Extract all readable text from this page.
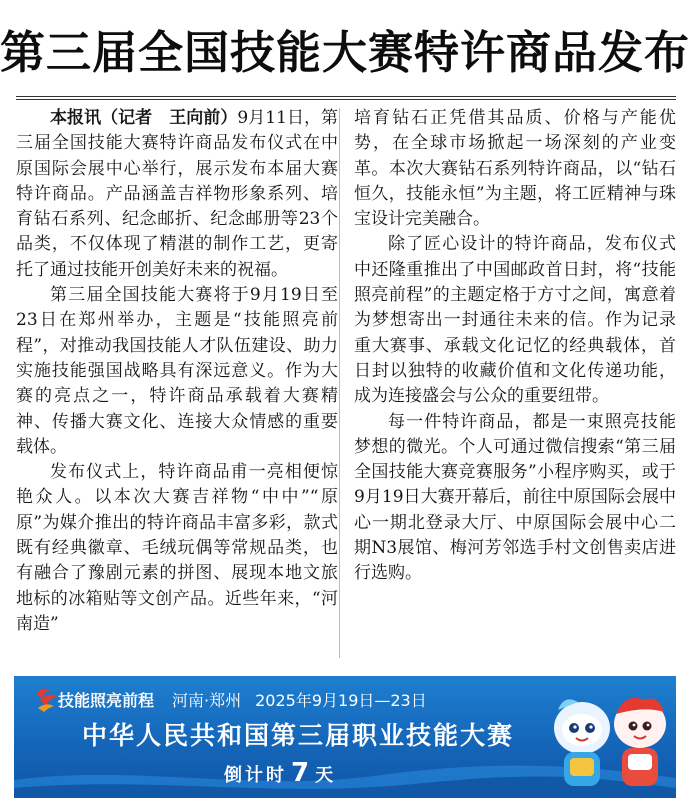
第三届全国技能大赛特许商品发布

本报讯（记者　王向前）9月11日，第三届全国技能大赛特许商品发布仪式在中原国际会展中心举行，展示发布本届大赛特许商品。产品涵盖吉祥物形象系列、培育钻石系列、纪念邮折、纪念邮册等23个品类，不仅体现了精湛的制作工艺，更寄托了通过技能开创美好未来的祝福。

第三届全国技能大赛将于9月19日至23日在郑州举办，主题是“技能照亮前程”，对推动我国技能人才队伍建设、助力实施技能强国战略具有深远意义。作为大赛的亮点之一，特许商品承载着大赛精神、传播大赛文化、连接大众情感的重要载体。

发布仪式上，特许商品甫一亮相便惊艳众人。以本次大赛吉祥物“中中”“原原”为媒介推出的特许商品丰富多彩，款式既有经典徽章、毛绒玩偶等常规品类，也有融合了豫剧元素的拼图、展现本地文旅地标的冰箱贴等文创产品。近些年来，“河南造”

培育钻石正凭借其品质、价格与产能优势，在全球市场掀起一场深刻的产业变革。本次大赛钻石系列特许商品，以“钻石恒久，技能永恒”为主题，将工匠精神与珠宝设计完美融合。

除了匠心设计的特许商品，发布仪式中还隆重推出了中国邮政首日封，将“技能照亮前程”的主题定格于方寸之间，寓意着为梦想寄出一封通往未来的信。作为记录重大赛事、承载文化记忆的经典载体，首日封以独特的收藏价值和文化传递功能，成为连接盛会与公众的重要纽带。

每一件特许商品，都是一束照亮技能梦想的微光。个人可通过微信搜索“第三届全国技能大赛竞赛服务”小程序购买，或于9月19日大赛开幕后，前往中原国际会展中心一期北登录大厅、中原国际会展中心二期N3展馆、梅河芳邻选手村文创售卖店进行选购。

技能照亮前程 河南·郑州 2025年9月19日—23日
中华人民共和国第三届职业技能大赛
倒计时 7 天
